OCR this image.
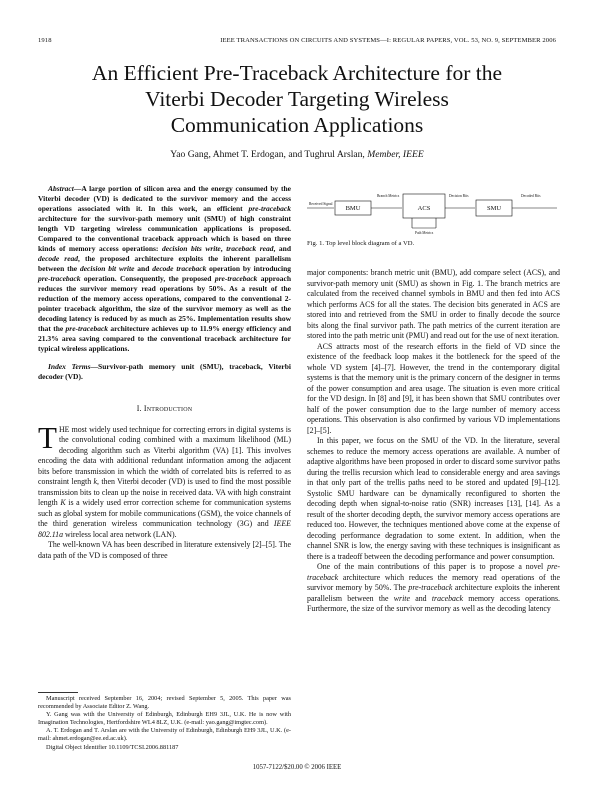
1918	IEEE TRANSACTIONS ON CIRCUITS AND SYSTEMS—I: REGULAR PAPERS, VOL. 53, NO. 9, SEPTEMBER 2006
An Efficient Pre-Traceback Architecture for the
Viterbi Decoder Targeting Wireless
Communication Applications
Yao Gang, Ahmet T. Erdogan, and Tughrul Arslan, Member, IEEE

Abstract—A large portion of silicon area and the energy consumed by the Viterbi decoder (VD) is dedicated to the survivor memory and the access operations associated with it. In this work, an efficient pre-traceback architecture for the survivor-path memory unit (SMU) of high constraint length VD targeting wireless communication applications is proposed. Compared to the conventional traceback approach which is based on three kinds of memory access operations: decision bits write, traceback read, and decode read, the proposed architecture exploits the inherent parallelism between the decision bit write and decode traceback operation by introducing pre-traceback operation. Consequently, the proposed pre-traceback approach reduces the survivor memory read operations by 50%. As a result of the reduction of the memory access operations, compared to the conventional 2-pointer traceback algorithm, the size of the survivor memory as well as the decoding latency is reduced by as much as 25%. Implementation results show that the pre-traceback architecture achieves up to 11.9% energy efficiency and 21.3% area saving compared to the conventional traceback architecture for typical wireless applications.

Index Terms—Survivor-path memory unit (SMU), traceback, Viterbi decoder (VD).

I. Introduction

THE most widely used technique for correcting errors in digital systems is the convolutional coding combined with a maximum likelihood (ML) decoding algorithm such as Viterbi algorithm (VA) [1]. This involves encoding the data with additional redundant information among the adjacent bits before transmission in which the width of correlated bits is referred to as constraint length k, then Viterbi decoder (VD) is used to find the most possible transmission bits to clean up the noise in received data. VA with high constraint length K is a widely used error correction scheme for communication systems such as global system for mobile communications (GSM), the voice channels of the third generation wireless communication technology (3G) and IEEE 802.11a wireless local area network (LAN).

The well-known VA has been described in literature extensively [2]–[5]. The data path of the VD is composed of three

Manuscript received September 16, 2004; revised September 5, 2005. This paper was recommended by Associate Editor Z. Wang.

Y. Gang was with the University of Edinburgh, Edinburgh EH9 3JL, U.K. He is now with Imagination Technologies, Hertfordshire WL4 8LZ, U.K. (e-mail: yao.gang@imgtec.com).

A. T. Erdogan and T. Arslan are with the University of Edinburgh, Edinburgh EH9 3JL, U.K. (e-mail: ahmet.erdogan@ee.ed.ac.uk).

Digital Object Identifier 10.1109/TCSI.2006.881187

Received Signal
BMU
Branch Metrics
ACS
Decision Bits
SMU
Decoded Bits
Path Metrics
Fig. 1. Top level block diagram of a VD.

major components: branch metric unit (BMU), add compare select (ACS), and survivor-path memory unit (SMU) as shown in Fig. 1. The branch metrics are calculated from the received channel symbols in BMU and then fed into ACS which performs ACS for all the states. The decision bits generated in ACS are stored into and retrieved from the SMU in order to finally decode the source bits along the final survivor path. The path metrics of the current iteration are stored into the path metric unit (PMU) and read out for the use of next iteration.

ACS attracts most of the research efforts in the field of VD since the existence of the feedback loop makes it the bottleneck for the speed of the whole VD system [4]–[7]. However, the trend in the contemporary digital systems is that the memory unit is the primary concern of the designer in terms of the power consumption and area usage. The situation is even more critical for the VD design. In [8] and [9], it has been shown that SMU contributes over half of the power consumption due to the large number of memory access operations. This observation is also confirmed by various VD implementations [2]–[5].

In this paper, we focus on the SMU of the VD. In the literature, several schemes to reduce the memory access operations are available. A number of adaptive algorithms have been proposed in order to discard some survivor paths during the trellis recursion which lead to considerable energy and area savings in that only part of the trellis paths need to be stored and updated [9]–[12]. Systolic SMU hardware can be dynamically reconfigured to shorten the decoding depth when signal-to-noise ratio (SNR) increases [13], [14]. As a result of the shorter decoding depth, the survivor memory access operations are reduced too. However, the techniques mentioned above come at the expense of decoding performance degradation to some extent. In addition, when the channel SNR is low, the energy saving with these techniques is insignificant as there is a tradeoff between the decoding performance and power consumption.

One of the main contributions of this paper is to propose a novel pre-traceback architecture which reduces the memory read operations of the survivor memory by 50%. The pre-traceback architecture exploits the inherent parallelism between the write and traceback memory access operations. Furthermore, the size of the survivor memory as well as the decoding latency

1057-7122/$20.00 © 2006 IEEE
